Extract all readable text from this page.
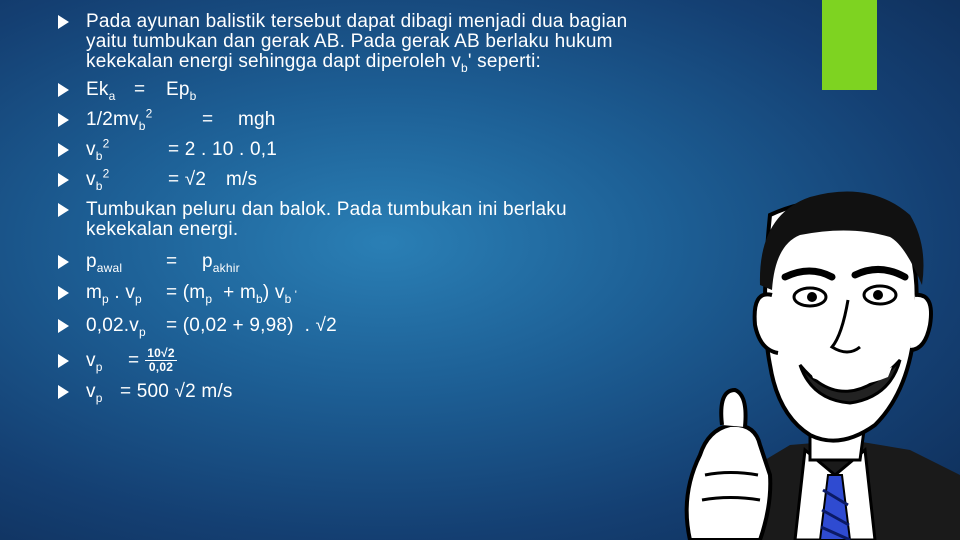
Pada ayunan balistik tersebut dapat dibagi menjadi dua bagian
yaitu tumbukan dan gerak AB. Pada gerak AB berlaku hukum
kekekalan energi sehingga dapt diperoleh $v_b'$ seperti:
$Ek_a = Ep_b$
$1/2mv_b^2$	= mgh
$v_b^2$	= 2 . 10 . 0,1
$v_b^2$	= √2 m/s
Tumbukan peluru dan balok. Pada tumbukan ini berlaku
kekekalan energi.
$p_{awal} = p_{akhir}$
$m_p$ . $v_p = (m_p + m_b)$ $v_b$ '
$0,02.v_p = (0,02 + 9,98)$  . √2
$v_p = \frac{10√2}{0,02}$
$v_p = 500$ √2 m/s
